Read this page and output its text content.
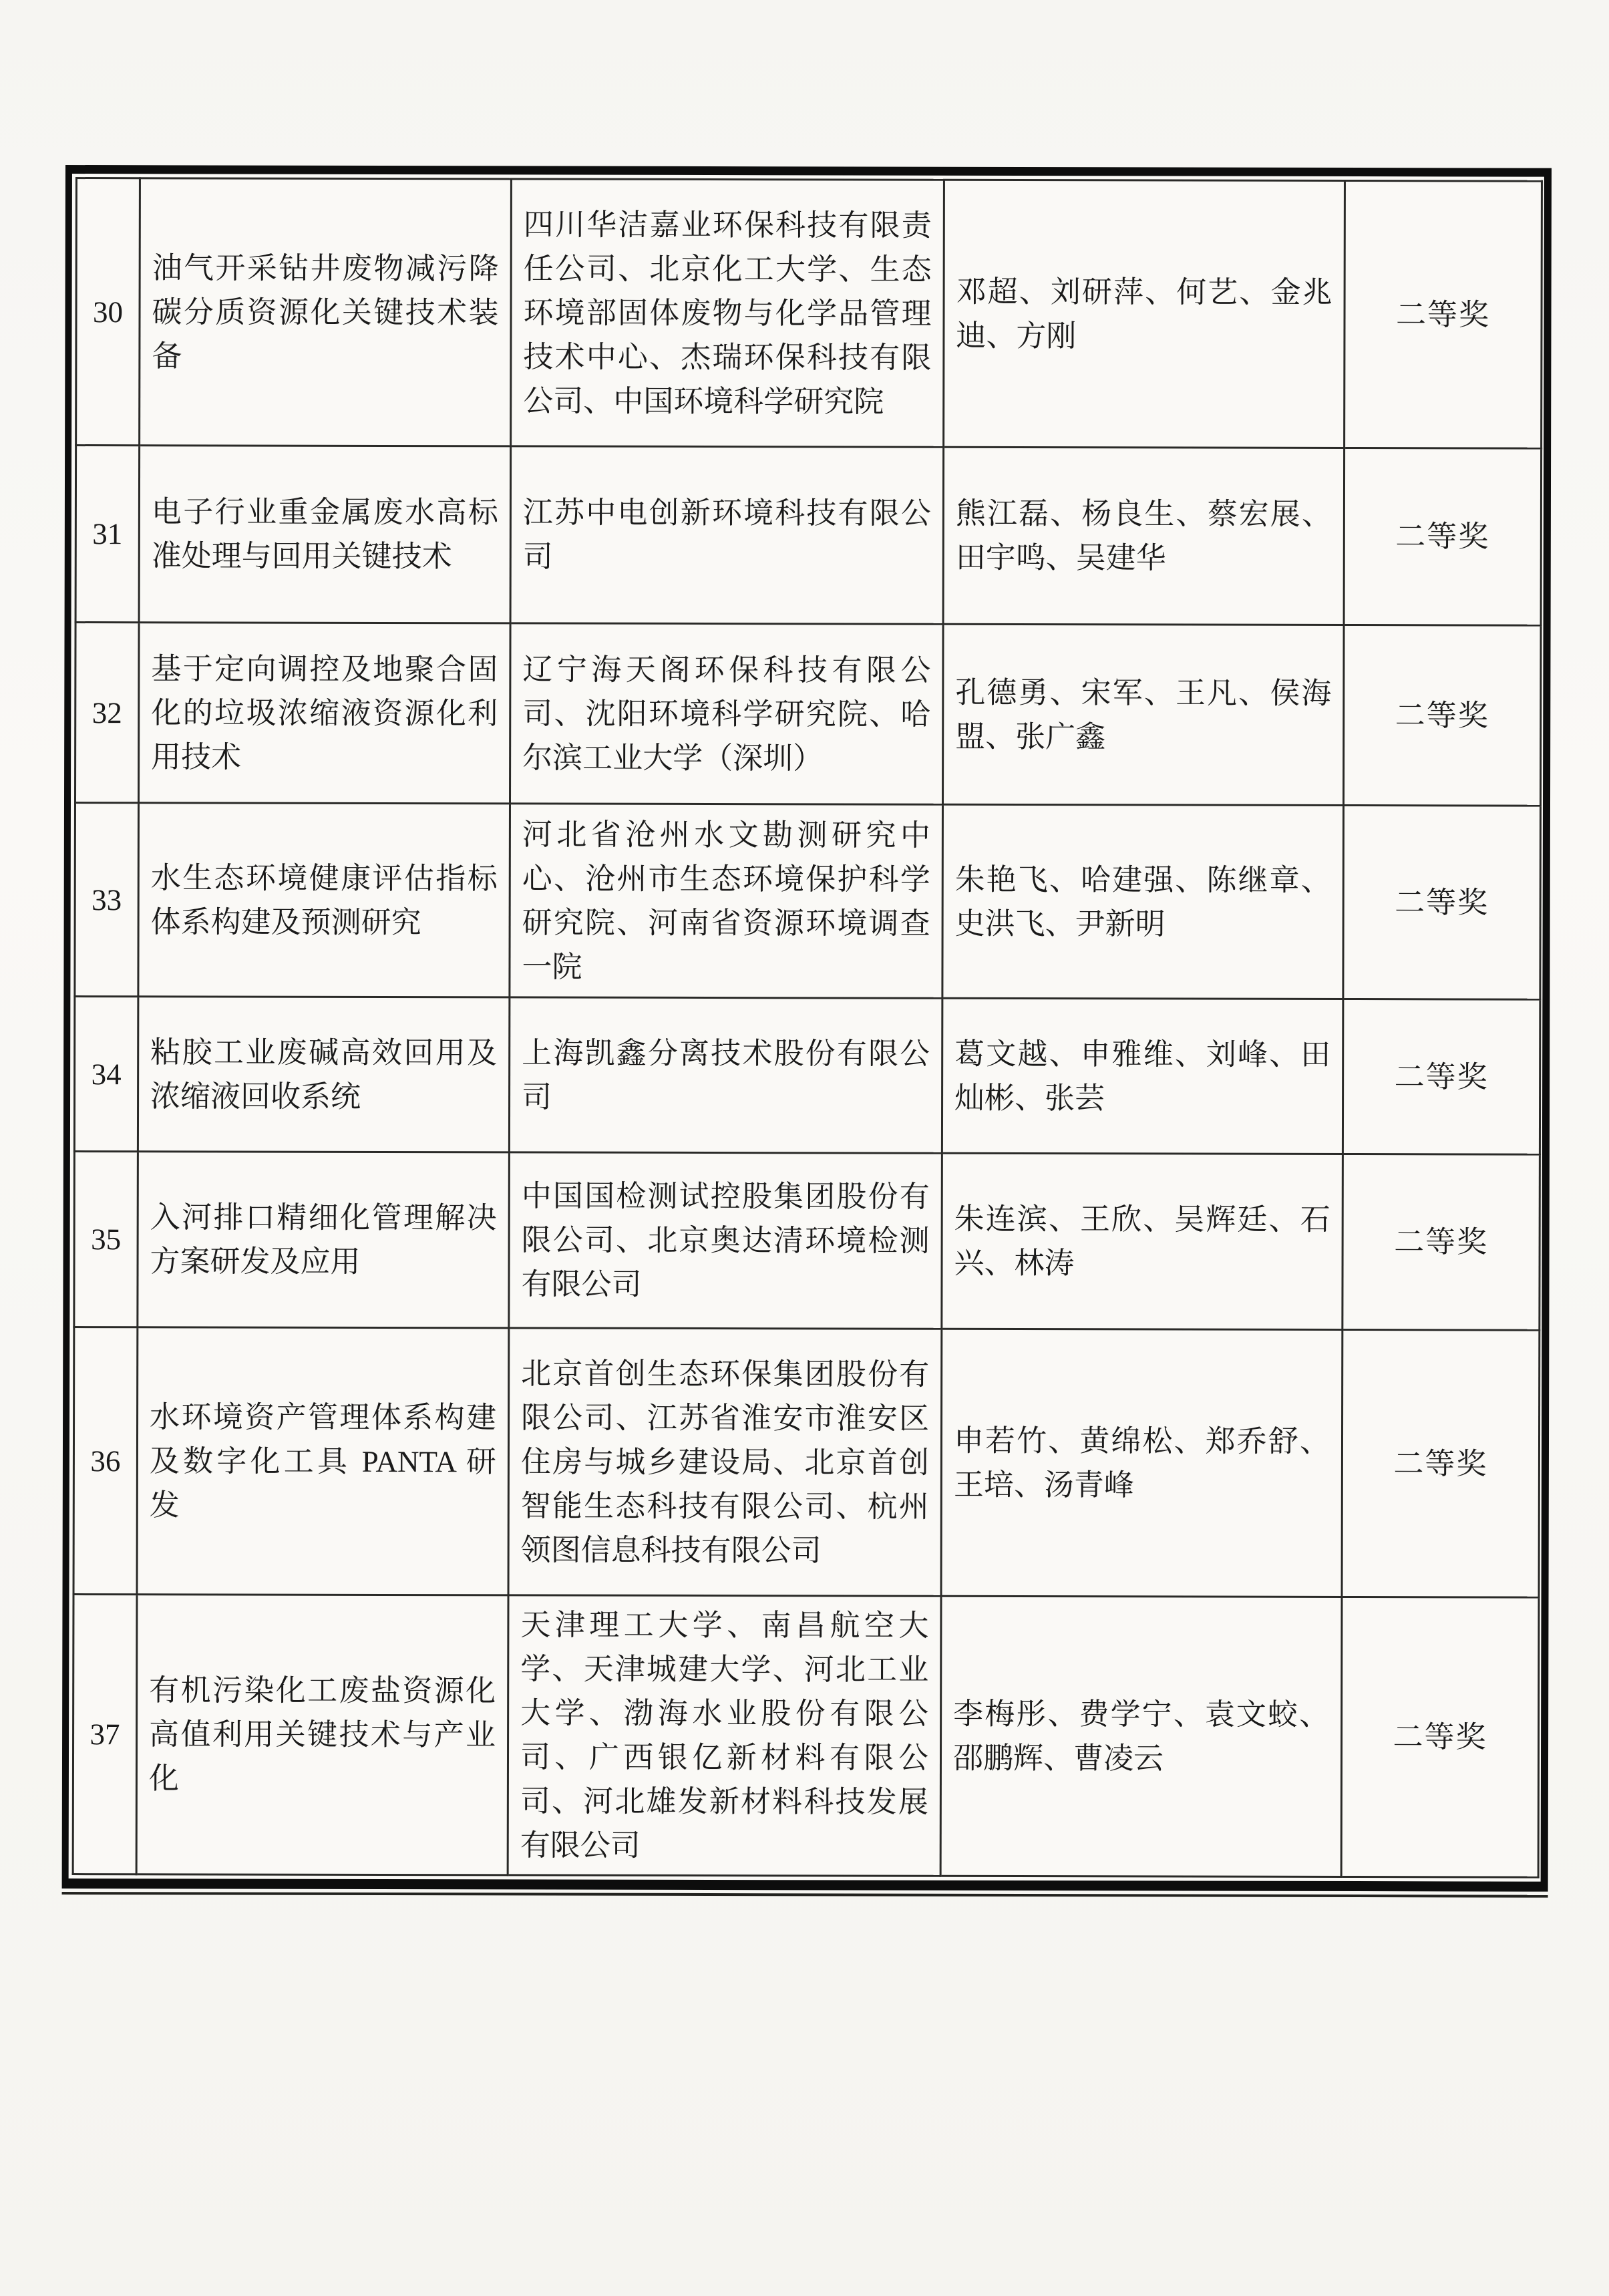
30	油气开采钻井废物减污降碳分质资源化关键技术装备	四川华洁嘉业环保科技有限责任公司、北京化工大学、生态环境部固体废物与化学品管理技术中心、杰瑞环保科技有限公司、中国环境科学研究院	邓超、刘研萍、何艺、金兆迪、方刚	二等奖
31	电子行业重金属废水高标准处理与回用关键技术	江苏中电创新环境科技有限公司	熊江磊、杨良生、蔡宏展、田宇鸣、吴建华	二等奖
32	基于定向调控及地聚合固化的垃圾浓缩液资源化利用技术	辽宁海天阁环保科技有限公司、沈阳环境科学研究院、哈尔滨工业大学（深圳）	孔德勇、宋军、王凡、侯海盟、张广鑫	二等奖
33	水生态环境健康评估指标体系构建及预测研究	河北省沧州水文勘测研究中心、沧州市生态环境保护科学研究院、河南省资源环境调查一院	朱艳飞、哈建强、陈继章、史洪飞、尹新明	二等奖
34	粘胶工业废碱高效回用及浓缩液回收系统	上海凯鑫分离技术股份有限公司	葛文越、申雅维、刘峰、田灿彬、张芸	二等奖
35	入河排口精细化管理解决方案研发及应用	中国国检测试控股集团股份有限公司、北京奥达清环境检测有限公司	朱连滨、王欣、吴辉廷、石兴、林涛	二等奖
36	水环境资产管理体系构建及数字化工具 PANTA 研发	北京首创生态环保集团股份有限公司、江苏省淮安市淮安区住房与城乡建设局、北京首创智能生态科技有限公司、杭州领图信息科技有限公司	申若竹、黄绵松、郑乔舒、王培、汤青峰	二等奖
37	有机污染化工废盐资源化高值利用关键技术与产业化	天津理工大学、南昌航空大学、天津城建大学、河北工业大学、渤海水业股份有限公司、广西银亿新材料有限公司、河北雄发新材料科技发展有限公司	李梅彤、费学宁、袁文蛟、邵鹏辉、曹凌云	二等奖
